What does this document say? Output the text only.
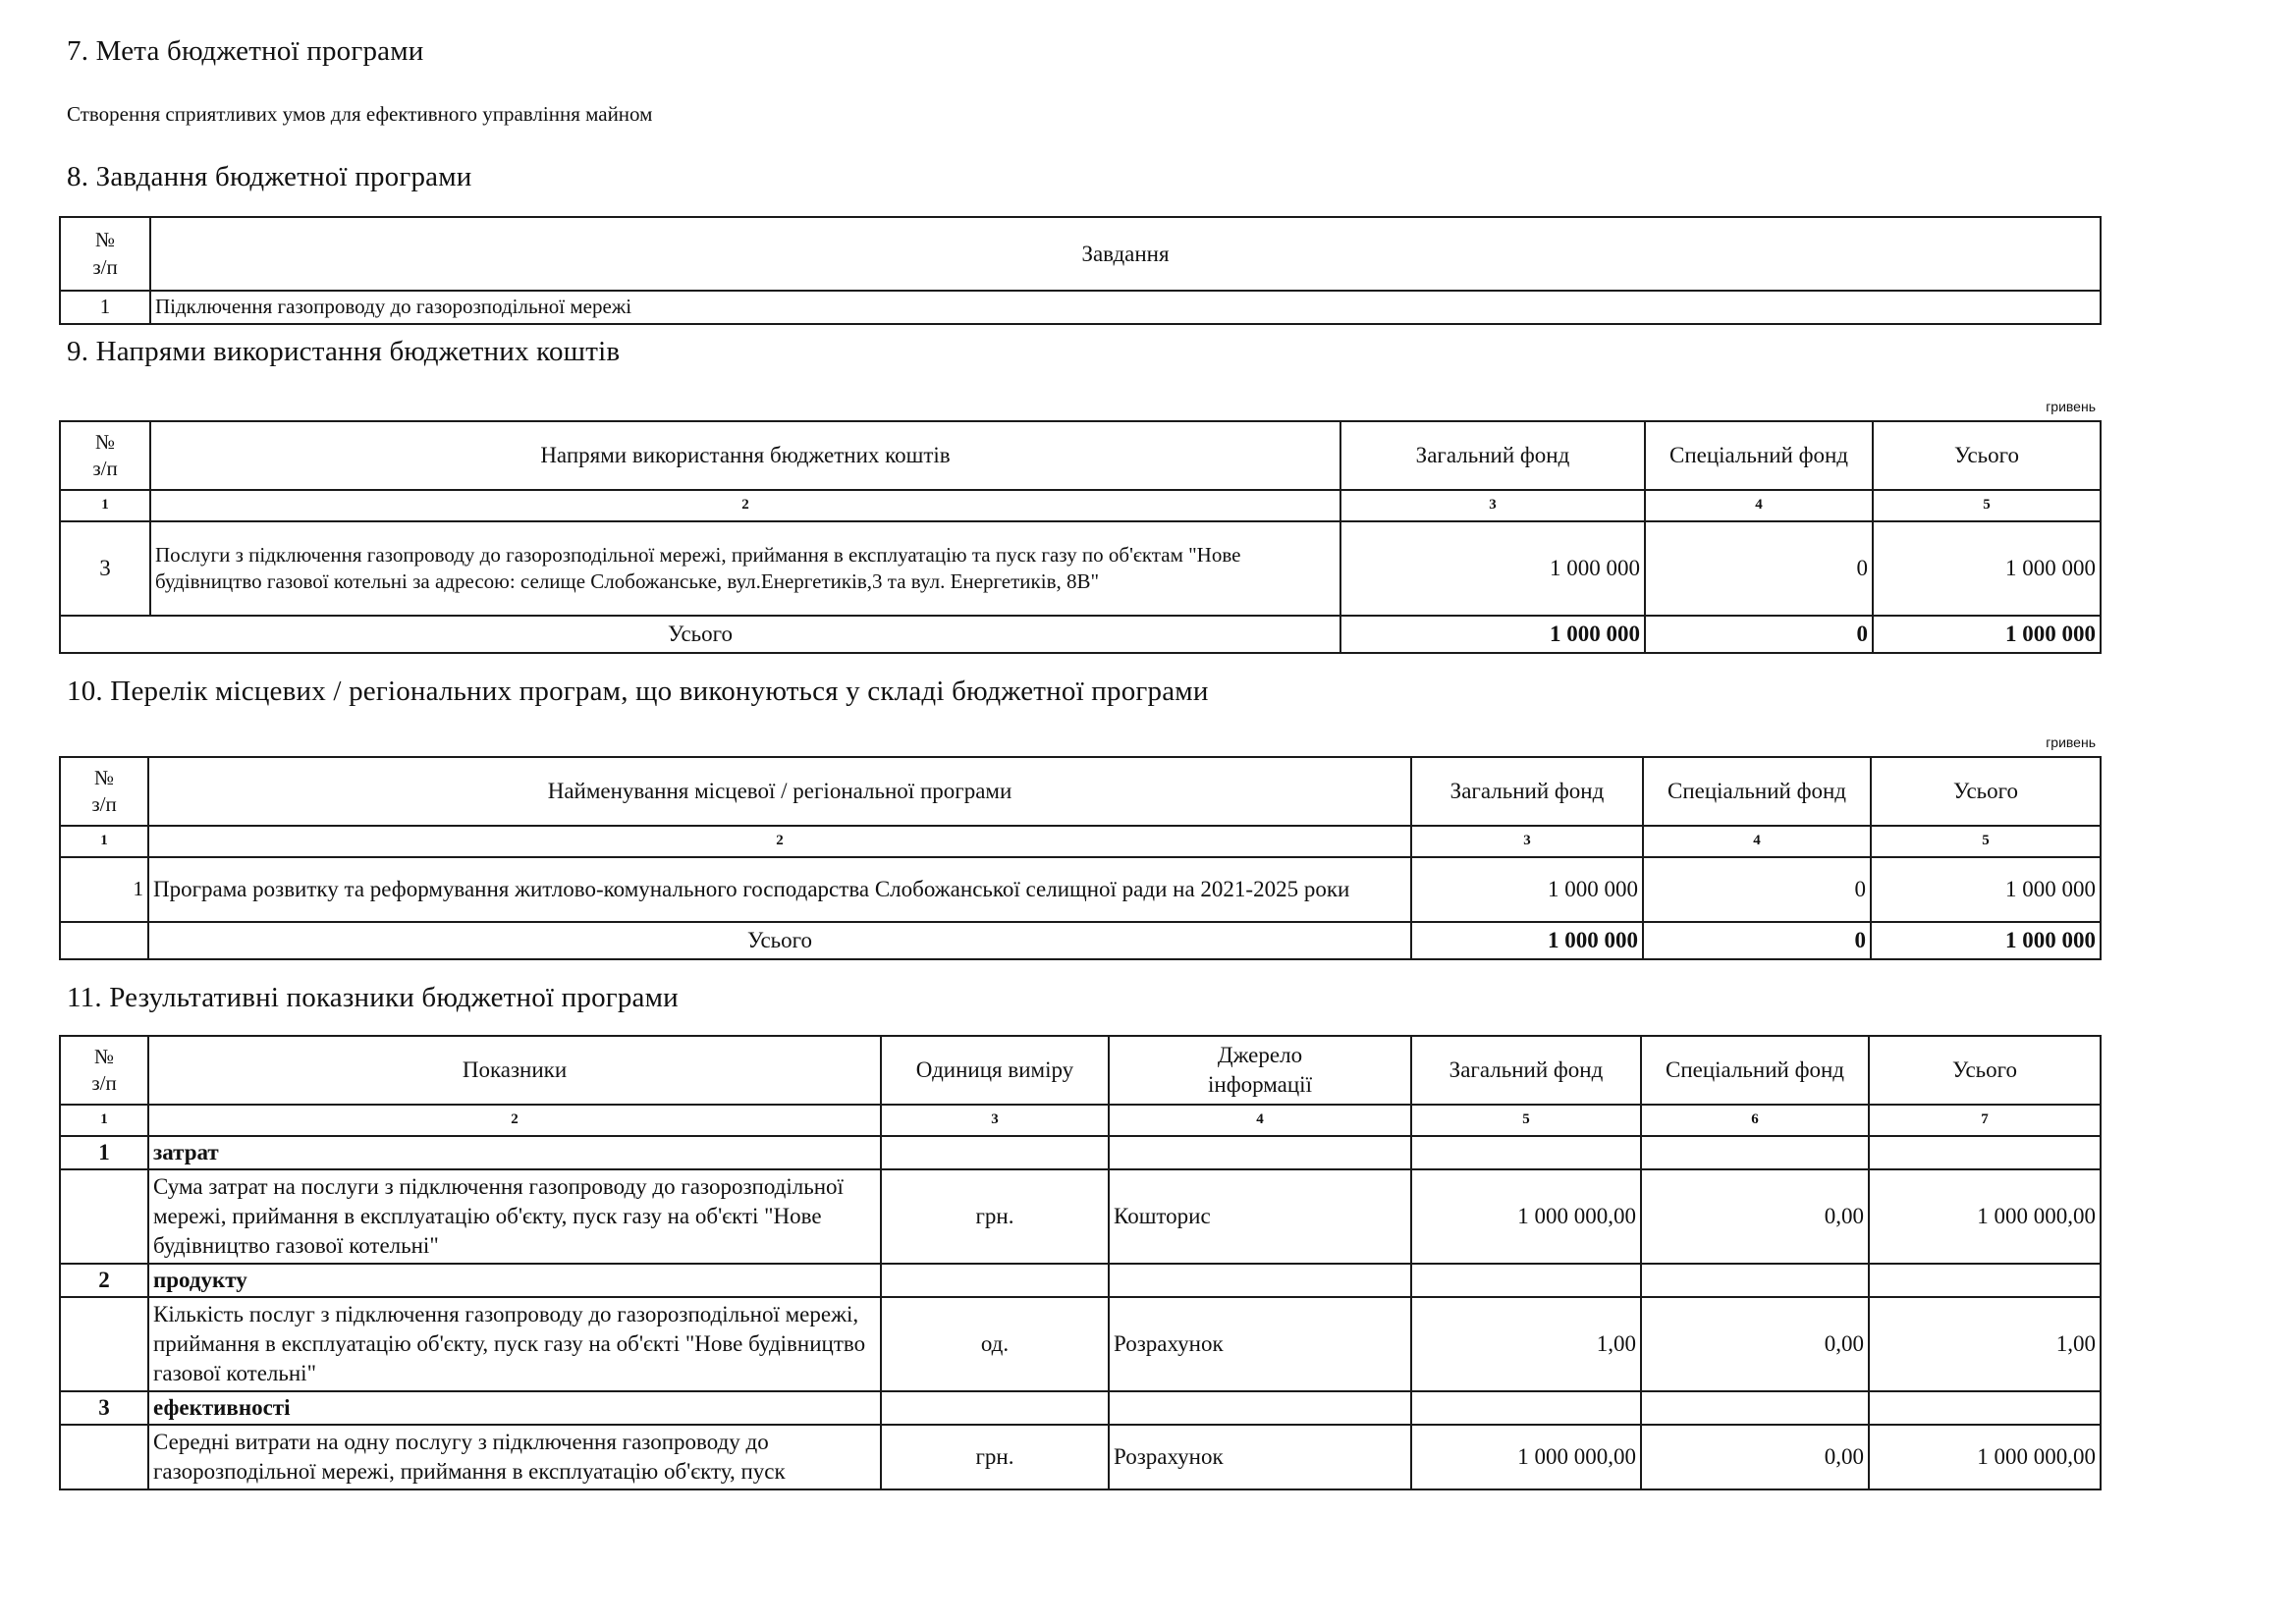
7. Мета бюджетної програми
Створення сприятливих умов для ефективного управління майном
8. Завдання бюджетної програми
№
з/п	Завдання
1	Підключення газопроводу до газорозподільної мережі
9. Напрями використання бюджетних коштів
гривень
№
з/п	Напрями використання бюджетних коштів	Загальний фонд	Спеціальний фонд	Усього
1	2	3	4	5
3	Послуги з підключення газопроводу до газорозподільної мережі, приймання в експлуатацію та пуск газу по об'єктам "Нове будівництво газової котельні за адресою: селище Слобожанське, вул.Енергетиків,3 та вул. Енергетиків, 8В"	1 000 000	0	1 000 000
Усього		1 000 000	0	1 000 000
10. Перелік місцевих / регіональних програм, що виконуються у складі бюджетної програми
гривень
№
з/п	Найменування місцевої / регіональної програми	Загальний фонд	Спеціальний фонд	Усього
1	2	3	4	5
1	Програма розвитку та реформування житлово-комунального господарства Слобожанської селищної ради на 2021-2025 роки	1 000 000	0	1 000 000
	Усього	1 000 000	0	1 000 000
11. Результативні показники бюджетної програми
№
з/п	Показники	Одиниця виміру	Джерело
інформації	Загальний фонд	Спеціальний фонд	Усього
1	2	3	4	5	6	7
1	затрат					
	Сума затрат на послуги з підключення газопроводу до газорозподільної мережі, приймання в експлуатацію об'єкту, пуск газу на об'єкті "Нове будівництво газової котельні"	грн.	Кошторис	1 000 000,00	0,00	1 000 000,00
2	продукту					
	Кількість послуг з підключення газопроводу до газорозподільної мережі, приймання в експлуатацію об'єкту, пуск газу на об'єкті "Нове будівництво газової котельні"	од.	Розрахунок	1,00	0,00	1,00
3	ефективності					
	Середні витрати на одну послугу з підключення газопроводу до газорозподільної мережі, приймання в експлуатацію об'єкту, пуск	грн.	Розрахунок	1 000 000,00	0,00	1 000 000,00
